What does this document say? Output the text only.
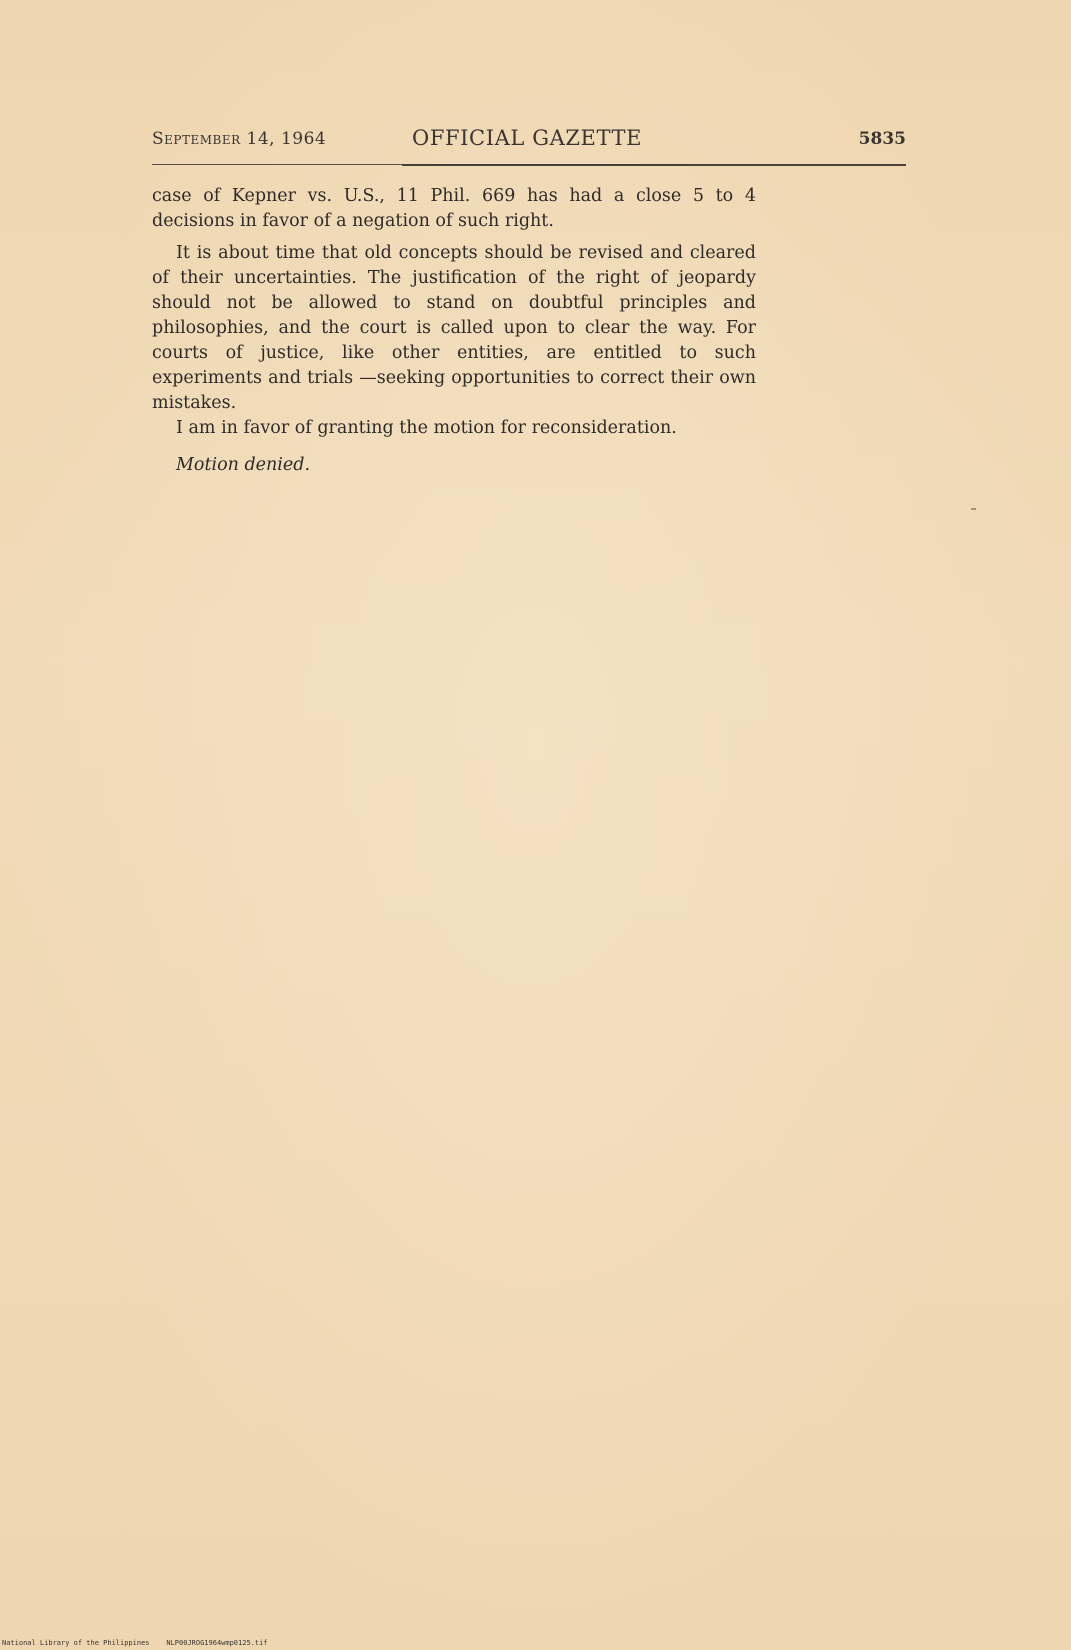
September 14, 1964	OFFICIAL GAZETTE	5835

case of Kepner vs. U.S., 11 Phil. 669 has had a close 5 to 4 decisions in favor of a negation of such right.

It is about time that old concepts should be revised and cleared of their uncertainties. The justification of the right of jeopardy should not be allowed to stand on doubtful principles and philosophies, and the court is called upon to clear the way. For courts of justice, like other entities, are entitled to such experiments and trials —seeking opportunities to correct their own mistakes.

I am in favor of granting the motion for reconsideration.

Motion denied.

National Library of the Philippines NLP00JROG1964wmp0125.tif
